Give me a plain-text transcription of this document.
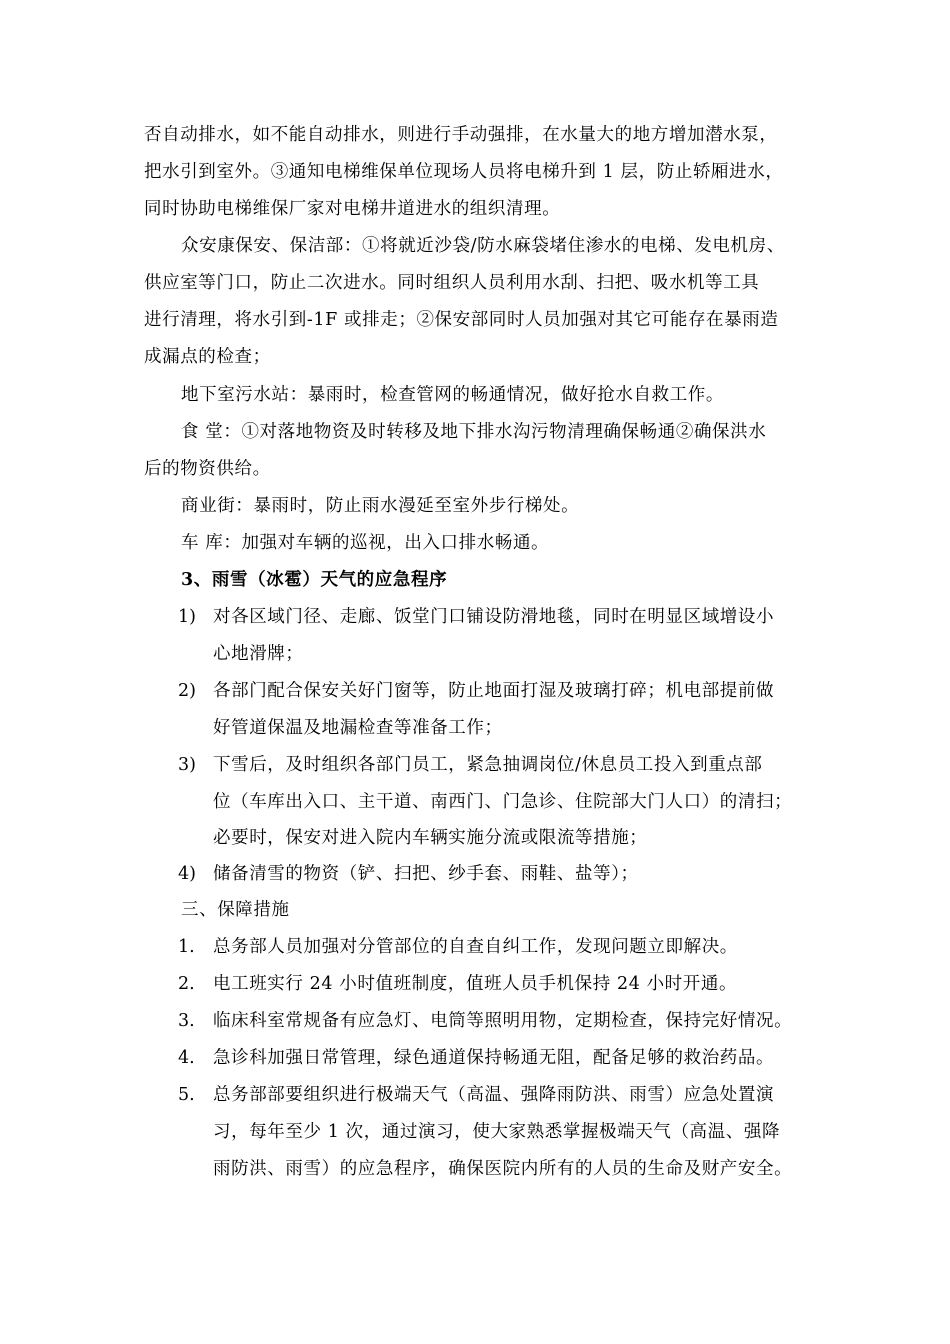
否自动排水，如不能自动排水，则进行手动强排，在水量大的地方增加潜水泵，
把水引到室外。③通知电梯维保单位现场人员将电梯升到 1 层，防止轿厢进水，
同时协助电梯维保厂家对电梯井道进水的组织清理。
众安康保安、保洁部：①将就近沙袋/防水麻袋堵住渗水的电梯、发电机房、
供应室等门口，防止二次进水。同时组织人员利用水刮、扫把、吸水机等工具
进行清理，将水引到-1F 或排走；②保安部同时人员加强对其它可能存在暴雨造
成漏点的检查；
地下室污水站：暴雨时，检查管网的畅通情况，做好抢水自救工作。
食 堂：①对落地物资及时转移及地下排水沟污物清理确保畅通②确保洪水
后的物资供给。
商业街：暴雨时，防止雨水漫延至室外步行梯处。
车 库：加强对车辆的巡视，出入口排水畅通。
3、雨雪（冰雹）天气的应急程序
1) 对各区域门径、走廊、饭堂门口铺设防滑地毯，同时在明显区域增设小
心地滑牌；
2) 各部门配合保安关好门窗等，防止地面打湿及玻璃打碎；机电部提前做
好管道保温及地漏检查等准备工作；
3) 下雪后，及时组织各部门员工，紧急抽调岗位/休息员工投入到重点部
位（车库出入口、主干道、南西门、门急诊、住院部大门人口）的清扫；
必要时，保安对进入院内车辆实施分流或限流等措施；
4) 储备清雪的物资（铲、扫把、纱手套、雨鞋、盐等）；
三、保障措施
1. 总务部人员加强对分管部位的自查自纠工作，发现问题立即解决。
2. 电工班实行 24 小时值班制度，值班人员手机保持 24 小时开通。
3. 临床科室常规备有应急灯、电筒等照明用物，定期检查，保持完好情况。
4. 急诊科加强日常管理，绿色通道保持畅通无阻，配备足够的救治药品。
5. 总务部部要组织进行极端天气（高温、强降雨防洪、雨雪）应急处置演
习，每年至少 1 次，通过演习，使大家熟悉掌握极端天气（高温、强降
雨防洪、雨雪）的应急程序，确保医院内所有的人员的生命及财产安全。
